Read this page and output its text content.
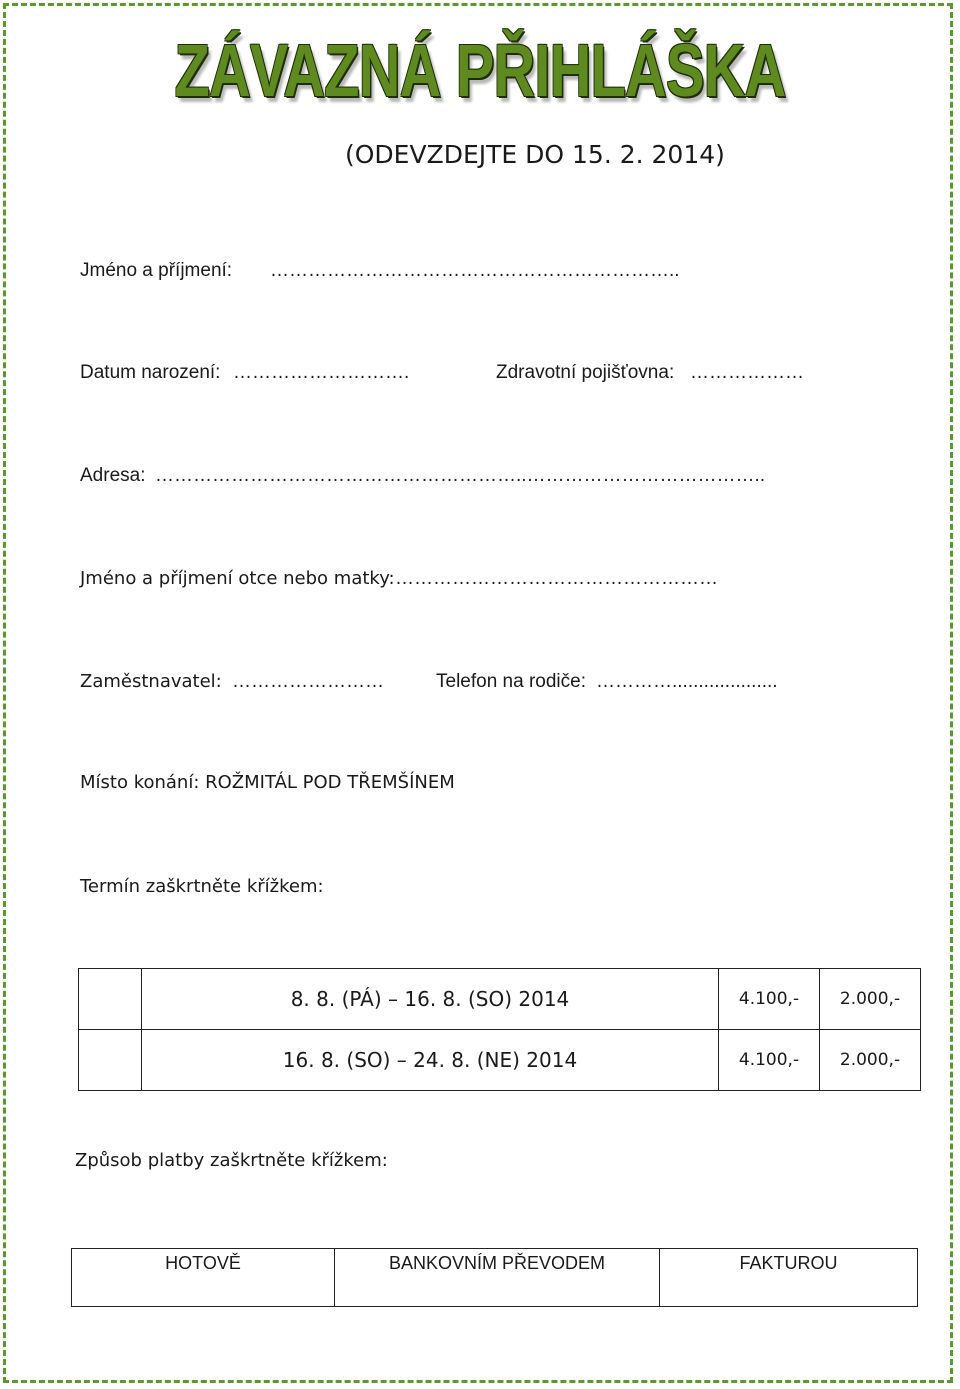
ZÁVAZNÁ PŘIHLÁŠKA
(ODEVZDEJTE DO 15. 2. 2014)
Jméno a příjmení: ………………………………………………………..
Datum narození: ……………………….	Zdravotní pojišťovna: ………………
Adresa: …………………………………………………..………………………………..
Jméno a příjmení otce nebo matky: ……………………………………………
Zaměstnavatel: ……………………	Telefon na rodiče: …………....................
Místo konání: ROŽMITÁL POD TŘEMŠÍNEM
Termín zaškrtněte křížkem:
	8. 8. (PÁ) – 16. 8. (SO) 2014	4.100,-	2.000,-
	16. 8. (SO) – 24. 8. (NE) 2014	4.100,-	2.000,-
Způsob platby zaškrtněte křížkem:
HOTOVĚ	BANKOVNÍM PŘEVODEM	FAKTUROU
